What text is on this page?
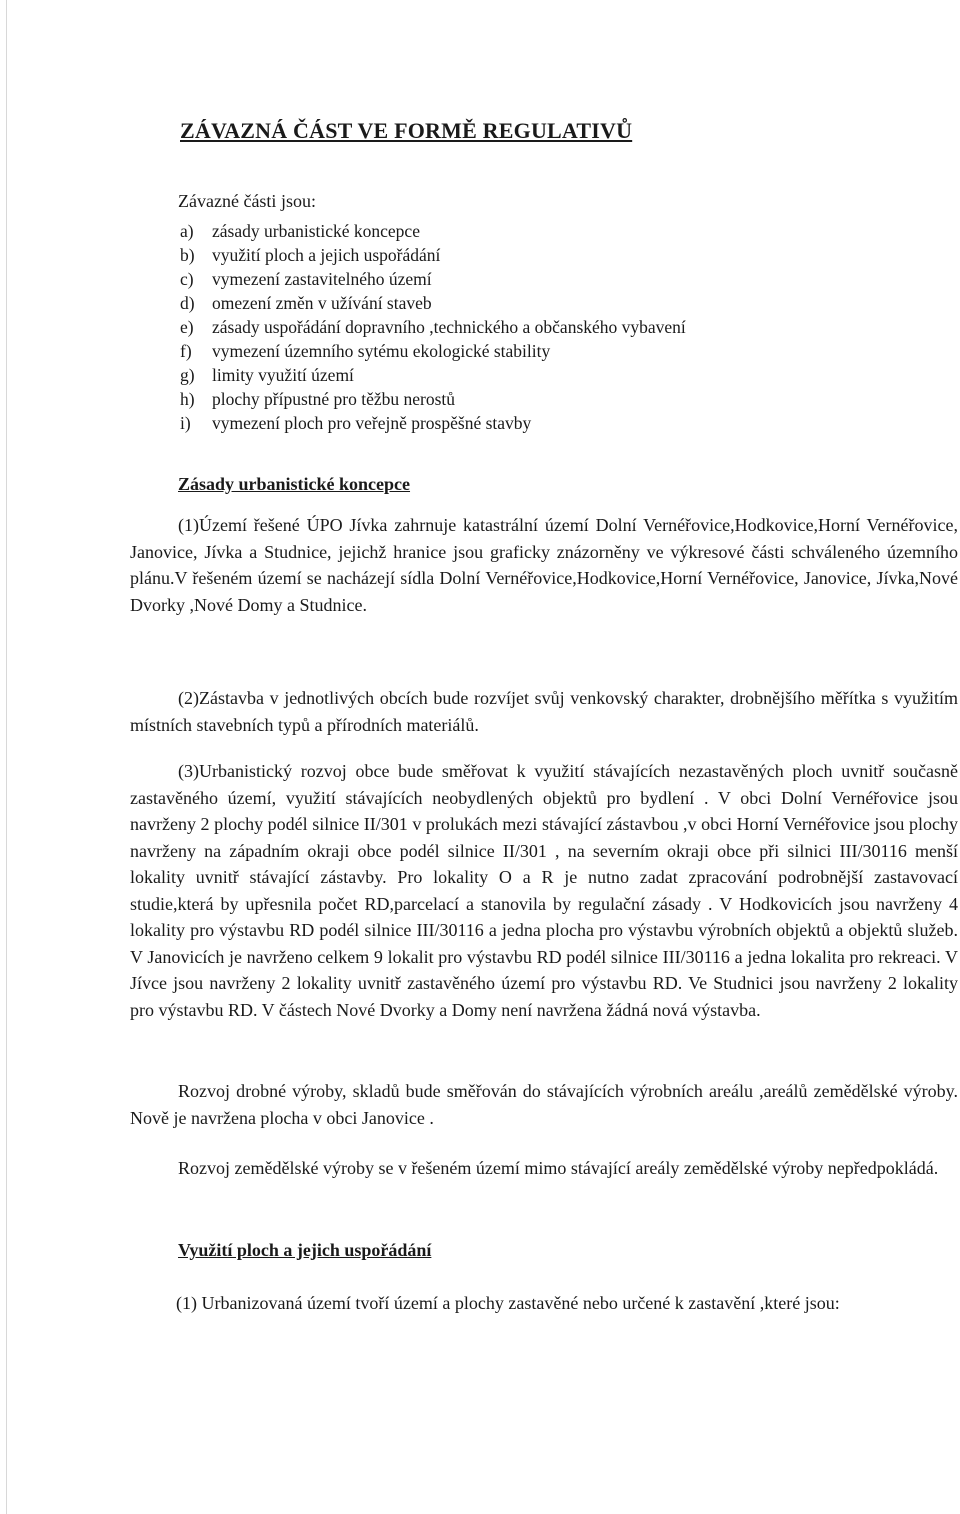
ZÁVAZNÁ ČÁST VE FORMĚ REGULATIVŮ
Závazné části jsou:
a) zásady urbanistické koncepce
b) využití ploch a jejich uspořádání
c) vymezení zastavitelného území
d) omezení změn v užívání staveb
e) zásady uspořádání dopravního ,technického a občanského vybavení
f) vymezení územního sytému ekologické stability
g) limity využití území
h) plochy přípustné pro těžbu nerostů
i) vymezení ploch pro veřejně prospěšné stavby
Zásady urbanistické koncepce

(1)Území řešené ÚPO Jívka zahrnuje katastrální území Dolní Vernéřovice,Hodkovice,Horní Vernéřovice, Janovice, Jívka a Studnice, jejichž hranice jsou graficky znázorněny ve výkresové části schváleného územního plánu.V řešeném území se nacházejí sídla Dolní Vernéřovice,Hodkovice,Horní Vernéřovice, Janovice, Jívka,Nové Dvorky ,Nové Domy a Studnice.

(2)Zástavba v jednotlivých obcích bude rozvíjet svůj venkovský charakter, drobnějšího měřítka s využitím místních stavebních typů a přírodních materiálů.

(3)Urbanistický rozvoj obce bude směřovat k využití stávajících nezastavěných ploch uvnitř současně zastavěného území, využití stávajících neobydlených objektů pro bydlení . V obci Dolní Vernéřovice jsou navrženy 2 plochy podél silnice II/301 v prolukách mezi stávající zástavbou ,v obci Horní Vernéřovice jsou plochy navrženy na západním okraji obce podél silnice II/301 , na severním okraji obce při silnici III/30116 menší lokality uvnitř stávající zástavby. Pro lokality O a R je nutno zadat zpracování podrobnější zastavovací studie,která by upřesnila počet RD,parcelací a stanovila by regulační zásady . V Hodkovicích jsou navrženy 4 lokality pro výstavbu RD podél silnice III/30116 a jedna plocha pro výstavbu výrobních objektů a objektů služeb. V Janovicích je navrženo celkem 9 lokalit pro výstavbu RD podél silnice III/30116 a jedna lokalita pro rekreaci. V Jívce jsou navrženy 2 lokality uvnitř zastavěného území pro výstavbu RD. Ve Studnici jsou navrženy 2 lokality pro výstavbu RD. V částech Nové Dvorky a Domy není navržena žádná nová výstavba.

Rozvoj drobné výroby, skladů bude směřován do stávajících výrobních areálu ,areálů zemědělské výroby. Nově je navržena plocha v obci Janovice .

Rozvoj zemědělské výroby se v řešeném území mimo stávající areály zemědělské výroby nepředpokládá.

Využití ploch a jejich uspořádání

(1) Urbanizovaná území tvoří území a plochy zastavěné nebo určené k zastavění ,které jsou:
